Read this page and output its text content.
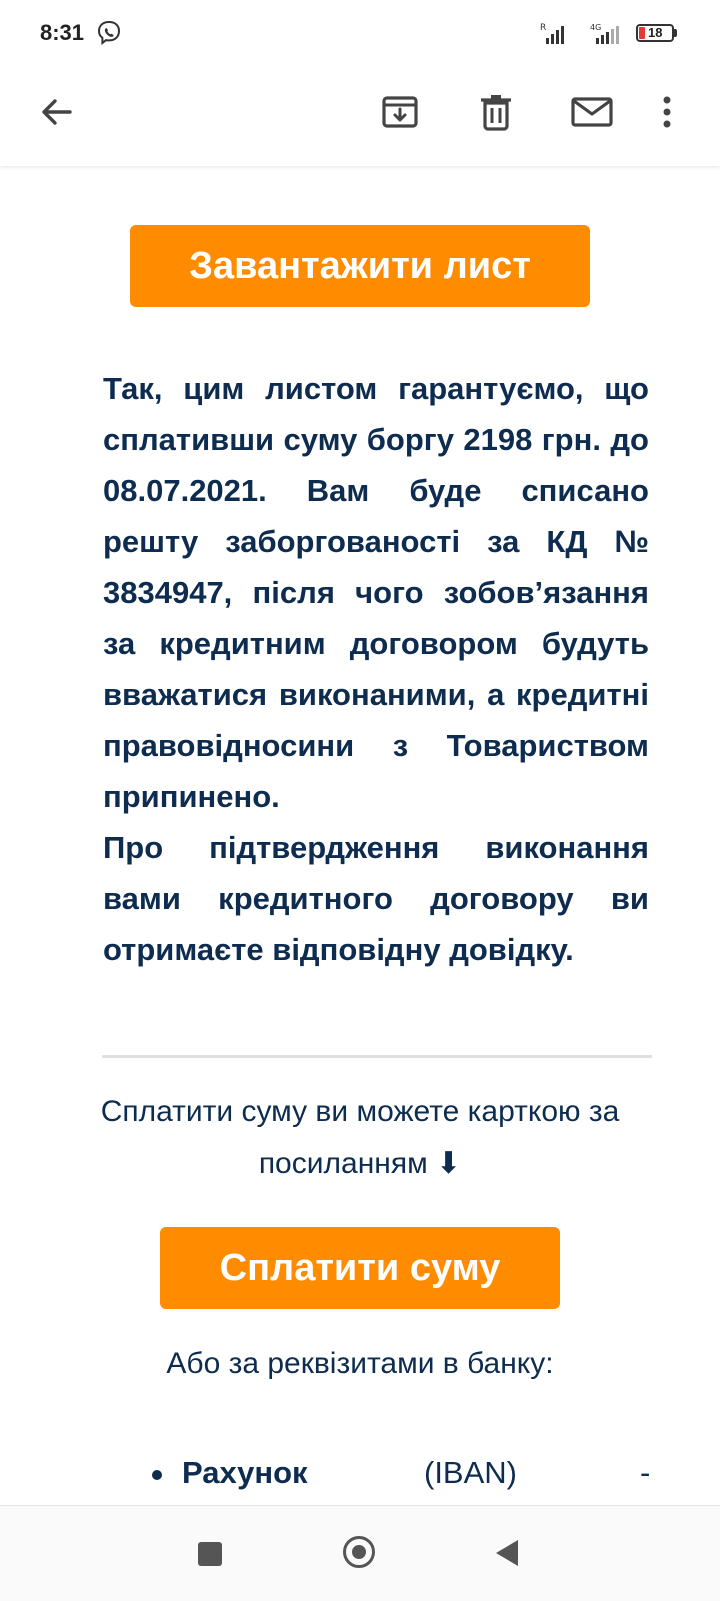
8:31	R	4G	18
Завантажити лист

Так, цим листом гарантуємо, що сплативши суму боргу 2198 грн. до 08.07.2021. Вам буде списано решту заборгованості за КД № 3834947, після чого зобов’язання за кредитним договором будуть вважатися виконаними, а кредитні правовідносини з Товариством припинено.

Про підтвердження виконання вами кредитного договору ви отримаєте відповідну довідку.

Сплатити суму ви можете карткою за посиланням ⬇
Сплатити суму
Або за реквізитами в банку:
Рахунок	(IBAN)	-
